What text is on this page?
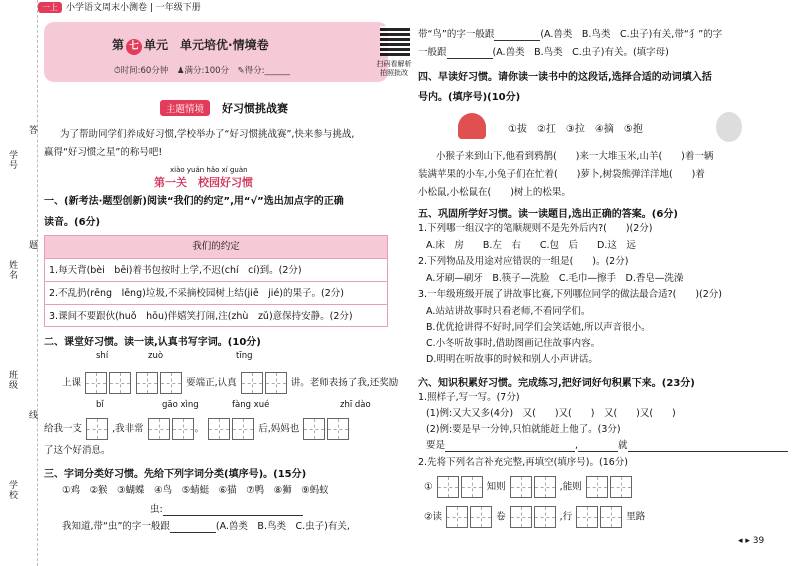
学号
姓名
班级
学校
答
题
线
一上 小学语文周末小测卷 | 一年级下册
第 七 单元　单元培优·情境卷
⏱时间:60分钟　♟满分:100分　✎得分:______
扫码看解析 拍照批改
主题情境	好习惯挑战赛
为了帮助同学们养成好习惯,学校举办了“好习惯挑战赛”,快来参与挑战,
赢得“好习惯之星”的称号吧!
xiào yuán hǎo xí guàn
第一关　校园好习惯
一、(新考法·题型创新)阅读“我们的约定”,用“√”选出加点字的正确
读音。(6分)
我们的约定
1.每天背(bèi　bēi)着书包按时上学,不迟(chí　cí)到。(2分)
2.不乱扔(rēng　lēng)垃圾,不采摘校园树上结(jiē　jié)的果子。(2分)
3.课间不要跟伙(huǒ　hōu)伴嬉笑打闹,注(zhù　zǔ)意保持安静。(2分)
二、课堂好习惯。读一读,认真书写字词。(10分)
shí	zuò	tīng
上课	要端正,认真	讲。老师表扬了我,还奖励
bǐ	gāo xìng	fàng xué	zhī dào
给我一支	,我非常	。	后,妈妈也
了这个好消息。
三、字词分类好习惯。先给下列字词分类(填序号)。(15分)
①鸡　②猴　③蝴蝶　④鸟　⑤蜻蜓　⑥猫　⑦鸭　⑧狮　⑨蚂蚁
虫:
我知道,带“虫”的字一般跟	(A.兽类　B.鸟类　C.虫子)有关,
带“鸟”的字一般跟	(A.兽类　B.鸟类　C.虫子)有关,带“犭”的字
一般跟	(A.兽类　B.鸟类　C.虫子)有关。(填字母)
四、早读好习惯。请你读一读书中的这段话,选择合适的动词填入括
号内。(填序号)(10分)
①拔　②扛　③拉　④摘　⑤抱
小猴子来到山下,他看到鸦鹊(　　)来一大堆玉米,山羊(　　)着一辆
装满苹果的小车,小兔子们在忙着(　　)萝卜,树袋熊弹洋洋地(　　)着
小松鼠,小松鼠在(　　)树上的松果。
五、巩固所学好习惯。读一读题目,选出正确的答案。(6分)
1.下列哪一组汉字的笔顺规则不是先外后内?(　　)(2分)
A.床　房　　B.左　右　　C.包　后　　D.这　远
2.下列物品及用途对应错误的一组是(　　)。(2分)
A.牙刷—刷牙　B.筷子—洗脸　C.毛巾—擦手　D.香皂—洗澡
3.一年级班级开展了讲故事比赛,下列哪位同学的做法最合适?(　　)(2分)
A.站站讲故事时只看老师,不看同学们。
B.优优抢讲得不好时,同学们会笑话她,所以声音很小。
C.小冬听故事时,借助图画记住故事内容。
D.明明在听故事的时候和别人小声讲话。
六、知识积累好习惯。完成练习,把好词好句积累下来。(23分)
1.照样子,写一写。(7分)
(1)例:又大又多(4分)　又(　　)又(　　)　又(　　)又(　　)
(2)例:要是早一分钟,只怕就能赶上他了。(3分)
要是	,	就
2.先将下列名言补充完整,再填空(填序号)。(16分)
①	知则	,能则
②读	卷	,行	里路
◂ ▸ 39
